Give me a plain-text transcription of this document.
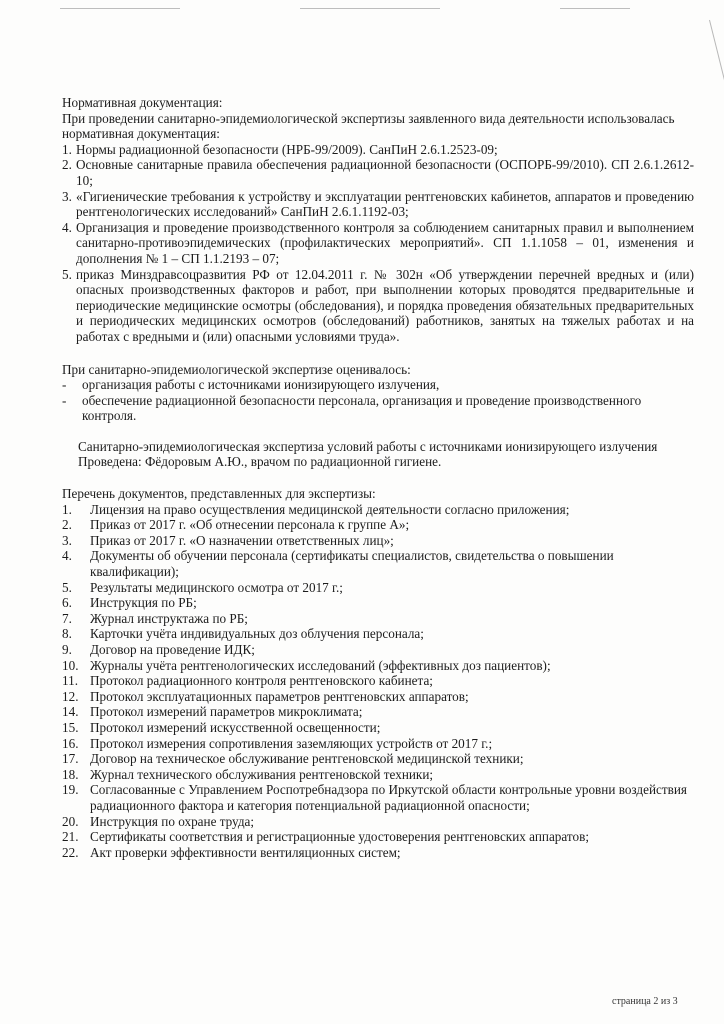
Нормативная документация:

При проведении санитарно-эпидемиологической экспертизы заявленного вида деятельности использовалась нормативная документация:

1. Нормы радиационной безопасности (НРБ-99/2009). СанПиН 2.6.1.2523-09;
2. Основные санитарные правила обеспечения радиационной безопасности (ОСПОРБ-99/2010). СП 2.6.1.2612-10;
3. «Гигиенические требования к устройству и эксплуатации рентгеновских кабинетов, аппаратов и проведению рентгенологических исследований» СанПиН 2.6.1.1192-03;
4. Организация и проведение производственного контроля за соблюдением санитарных правил и выполнением санитарно-противоэпидемических (профилактических мероприятий». СП 1.1.1058 – 01, изменения и дополнения № 1 – СП 1.1.2193 – 07;
5. приказ Минздравсоцразвития РФ от 12.04.2011 г. № 302н «Об утверждении перечней вредных и (или) опасных производственных факторов и работ, при выполнении которых проводятся предварительные и периодические медицинские осмотры (обследования), и порядка проведения обязательных предварительных и периодических медицинских осмотров (обследований) работников, занятых на тяжелых работах и на работах с вредными и (или) опасными условиями труда».

При санитарно-эпидемиологической экспертизе оценивалось:

-	организация работы с источниками ионизирующего излучения,
-	обеспечение радиационной безопасности персонала, организация и проведение производственного контроля.

Санитарно-эпидемиологическая экспертиза условий работы с источниками ионизирующего излучения

Проведена: Фёдоровым А.Ю., врачом по радиационной гигиене.

Перечень документов, представленных для экспертизы:

1.	Лицензия на право осуществления медицинской деятельности согласно приложения;
2.	Приказ от 2017 г. «Об отнесении персонала к группе А»;
3.	Приказ от 2017 г. «О назначении ответственных лиц»;
4.	Документы об обучении персонала (сертификаты специалистов, свидетельства о повышении квалификации);
5.	Результаты медицинского осмотра от 2017 г.;
6.	Инструкция по РБ;
7.	Журнал инструктажа по РБ;
8.	Карточки учёта индивидуальных доз облучения персонала;
9.	Договор на проведение ИДК;
10. Журналы учёта рентгенологических исследований (эффективных доз пациентов);
11. Протокол радиационного контроля рентгеновского кабинета;
12. Протокол эксплуатационных параметров рентгеновских аппаратов;
14. Протокол измерений параметров микроклимата;
15. Протокол измерений искусственной освещенности;
16. Протокол измерения сопротивления заземляющих устройств от 2017 г.;
17. Договор на техническое обслуживание рентгеновской медицинской техники;
18. Журнал технического обслуживания рентгеновской техники;
19. Согласованные с Управлением Роспотребнадзора по Иркутской области контрольные уровни воздействия радиационного фактора и категория потенциальной радиационной опасности;
20. Инструкция по охране труда;
21. Сертификаты соответствия и регистрационные удостоверения рентгеновских аппаратов;
22. Акт проверки эффективности вентиляционных систем;
страница 2 из 3
